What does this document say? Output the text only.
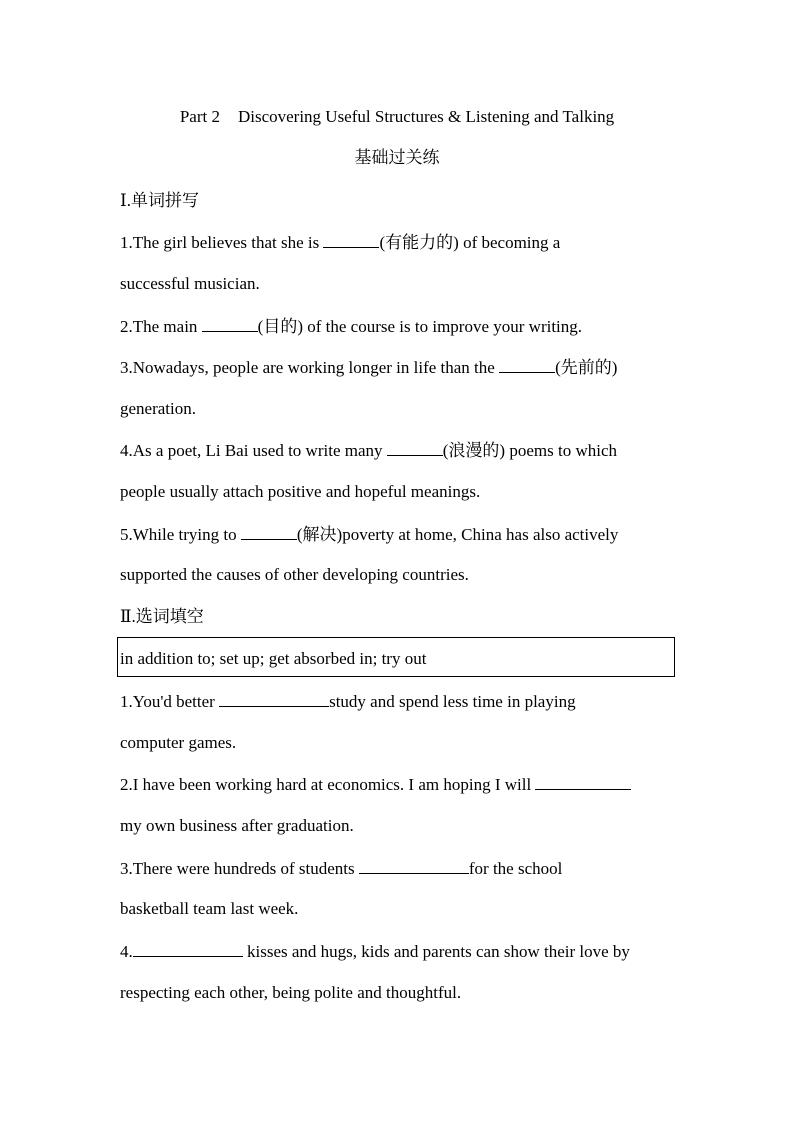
Part 2 Discovering Useful Structures & Listening and Talking
基础过关练
Ⅰ.单词拼写
1.The girl believes that she is	(有能力的) of becoming a
successful musician.
2.The main	(目的) of the course is to improve your writing.
3.Nowadays, people are working longer in life than the	(先前的)
generation.
4.As a poet, Li Bai used to write many	(浪漫的) poems to which
people usually attach positive and hopeful meanings.
5.While trying to	(解决)poverty at home, China has also actively
supported the causes of other developing countries.
Ⅱ.选词填空
in addition to; set up; get absorbed in; try out
1.You'd better	study and spend less time in playing
computer games.
2.I have been working hard at economics. I am hoping I will
my own business after graduation.
3.There were hundreds of students	for the school
basketball team last week.
4.	kisses and hugs, kids and parents can show their love by
respecting each other, being polite and thoughtful.
